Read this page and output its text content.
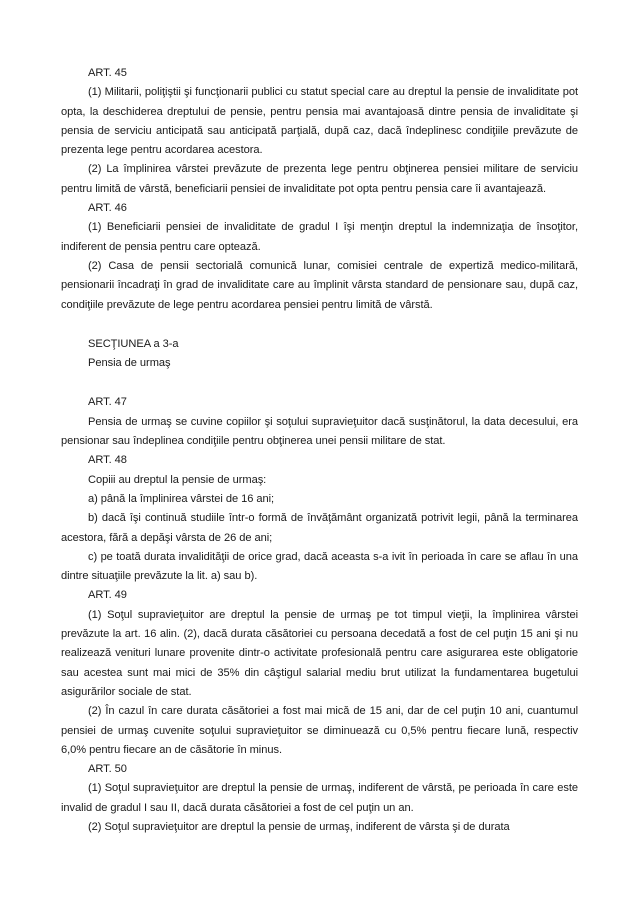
ART. 45

(1) Militarii, poliţiştii şi funcţionarii publici cu statut special care au dreptul la pensie de invaliditate pot opta, la deschiderea dreptului de pensie, pentru pensia mai avantajoasă dintre pensia de invaliditate şi pensia de serviciu anticipată sau anticipată parţială, după caz, dacă îndeplinesc condiţiile prevăzute de prezenta lege pentru acordarea acestora.

(2) La împlinirea vârstei prevăzute de prezenta lege pentru obţinerea pensiei militare de serviciu pentru limită de vârstă, beneficiarii pensiei de invaliditate pot opta pentru pensia care îi avantajează.

ART. 46

(1) Beneficiarii pensiei de invaliditate de gradul I îşi menţin dreptul la indemnizaţia de însoţitor, indiferent de pensia pentru care optează.

(2) Casa de pensii sectorială comunică lunar, comisiei centrale de expertiză medico-militară, pensionarii încadraţi în grad de invaliditate care au împlinit vârsta standard de pensionare sau, după caz, condiţiile prevăzute de lege pentru acordarea pensiei pentru limită de vârstă.

SECŢIUNEA a 3-a

Pensia de urmaş

ART. 47

Pensia de urmaş se cuvine copiilor şi soţului supravieţuitor dacă susţinătorul, la data decesului, era pensionar sau îndeplinea condiţiile pentru obţinerea unei pensii militare de stat.

ART. 48

Copiii au dreptul la pensie de urmaş:

a) până la împlinirea vârstei de 16 ani;

b) dacă îşi continuă studiile într-o formă de învăţământ organizată potrivit legii, până la terminarea acestora, fără a depăşi vârsta de 26 de ani;

c) pe toată durata invalidităţii de orice grad, dacă aceasta s-a ivit în perioada în care se aflau în una dintre situaţiile prevăzute la lit. a) sau b).

ART. 49

(1) Soţul supravieţuitor are dreptul la pensie de urmaş pe tot timpul vieţii, la împlinirea vârstei prevăzute la art. 16 alin. (2), dacă durata căsătoriei cu persoana decedată a fost de cel puţin 15 ani şi nu realizează venituri lunare provenite dintr-o activitate profesională pentru care asigurarea este obligatorie sau acestea sunt mai mici de 35% din câştigul salarial mediu brut utilizat la fundamentarea bugetului asigurărilor sociale de stat.

(2) În cazul în care durata căsătoriei a fost mai mică de 15 ani, dar de cel puţin 10 ani, cuantumul pensiei de urmaş cuvenite soţului supravieţuitor se diminuează cu 0,5% pentru fiecare lună, respectiv 6,0% pentru fiecare an de căsătorie în minus.

ART. 50

(1) Soţul supravieţuitor are dreptul la pensie de urmaş, indiferent de vârstă, pe perioada în care este invalid de gradul I sau II, dacă durata căsătoriei a fost de cel puţin un an.

(2) Soţul supravieţuitor are dreptul la pensie de urmaş, indiferent de vârsta şi de durata
